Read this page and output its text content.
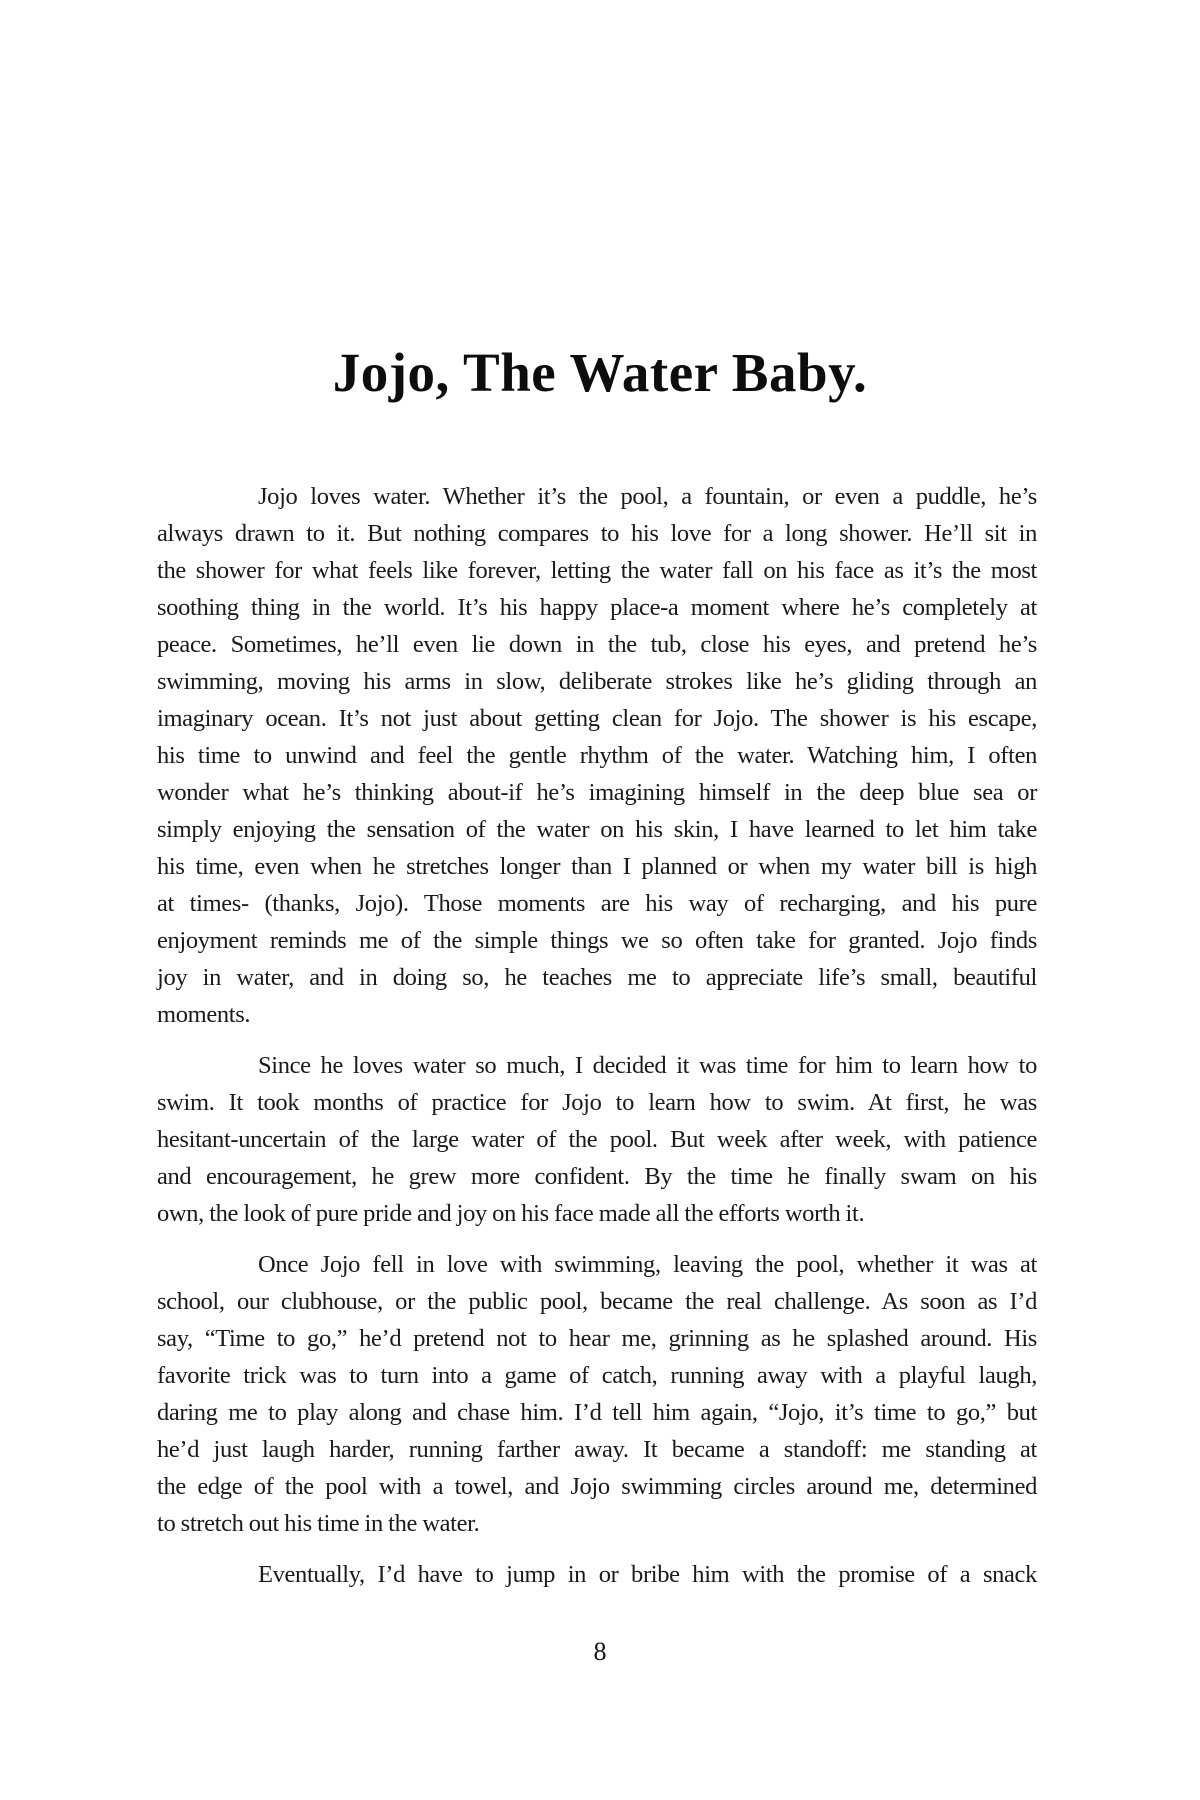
Jojo, The Water Baby.

Jojo loves water. Whether it’s the pool, a fountain, or even a puddle, he’s
always drawn to it. But nothing compares to his love for a long shower. He’ll sit in
the shower for what feels like forever, letting the water fall on his face as it’s the most
soothing thing in the world. It’s his happy place-a moment where he’s completely at
peace. Sometimes, he’ll even lie down in the tub, close his eyes, and pretend he’s
swimming, moving his arms in slow, deliberate strokes like he’s gliding through an
imaginary ocean. It’s not just about getting clean for Jojo. The shower is his escape,
his time to unwind and feel the gentle rhythm of the water. Watching him, I often
wonder what he’s thinking about-if he’s imagining himself in the deep blue sea or
simply enjoying the sensation of the water on his skin, I have learned to let him take
his time, even when he stretches longer than I planned or when my water bill is high
at times- (thanks, Jojo). Those moments are his way of recharging, and his pure
enjoyment reminds me of the simple things we so often take for granted. Jojo finds
joy in water, and in doing so, he teaches me to appreciate life’s small, beautiful
moments.

Since he loves water so much, I decided it was time for him to learn how to
swim. It took months of practice for Jojo to learn how to swim. At first, he was
hesitant-uncertain of the large water of the pool. But week after week, with patience
and encouragement, he grew more confident. By the time he finally swam on his
own, the look of pure pride and joy on his face made all the efforts worth it.

Once Jojo fell in love with swimming, leaving the pool, whether it was at
school, our clubhouse, or the public pool, became the real challenge. As soon as I’d
say, “Time to go,” he’d pretend not to hear me, grinning as he splashed around. His
favorite trick was to turn into a game of catch, running away with a playful laugh,
daring me to play along and chase him. I’d tell him again, “Jojo, it’s time to go,” but
he’d just laugh harder, running farther away. It became a standoff: me standing at
the edge of the pool with a towel, and Jojo swimming circles around me, determined
to stretch out his time in the water.

Eventually, I’d have to jump in or bribe him with the promise of a snack

8
